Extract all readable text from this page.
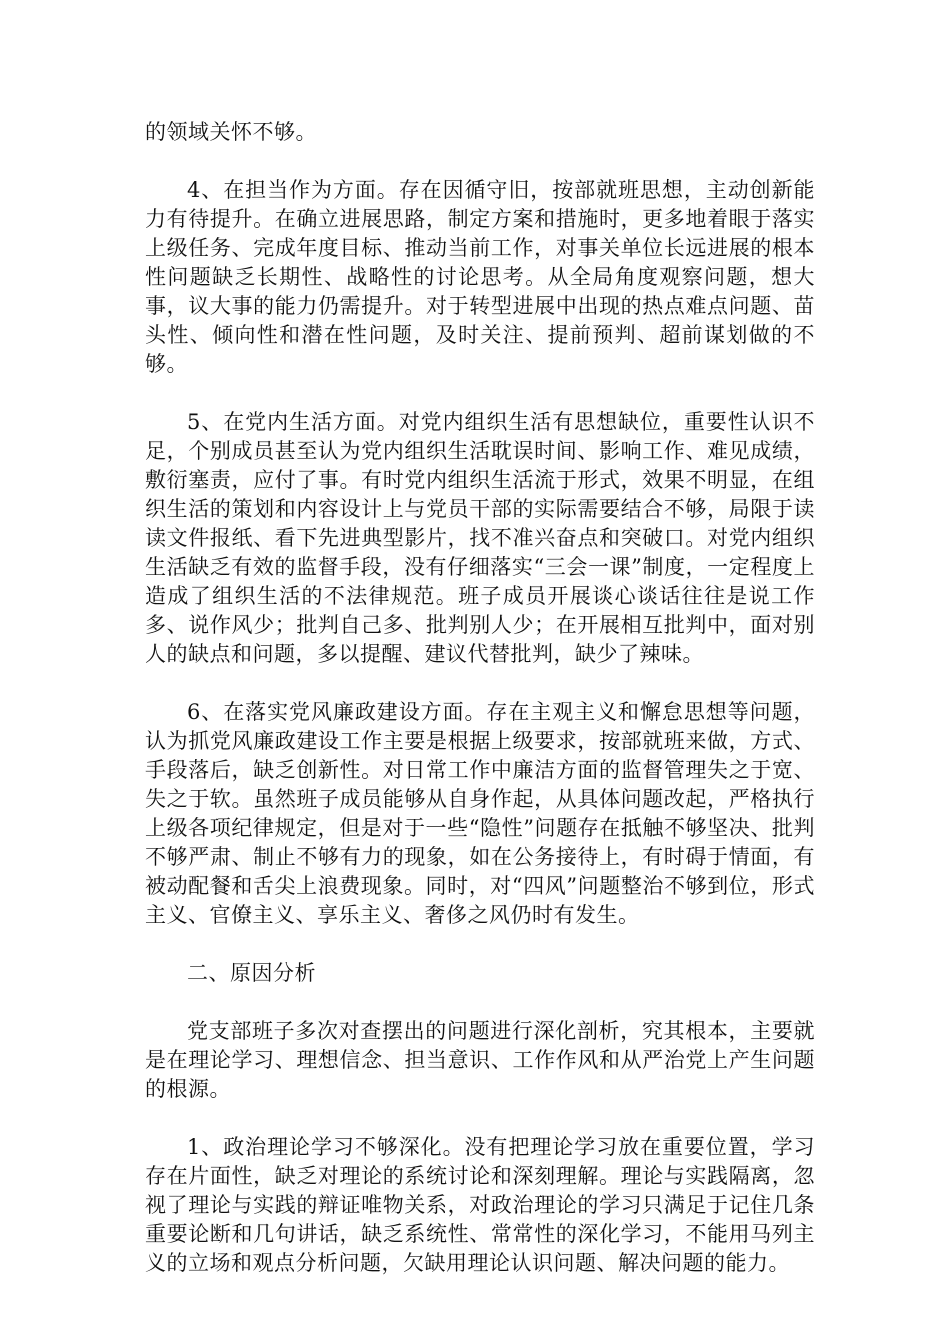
的领域关怀不够。

4、在担当作为方面。存在因循守旧，按部就班思想，主动创新能力有待提升。在确立进展思路，制定方案和措施时，更多地着眼于落实上级任务、完成年度目标、推动当前工作，对事关单位长远进展的根本性问题缺乏长期性、战略性的讨论思考。从全局角度观察问题，想大事，议大事的能力仍需提升。对于转型进展中出现的热点难点问题、苗头性、倾向性和潜在性问题，及时关注、提前预判、超前谋划做的不够。

5、在党内生活方面。对党内组织生活有思想缺位，重要性认识不足，个别成员甚至认为党内组织生活耽误时间、影响工作、难见成绩，敷衍塞责，应付了事。有时党内组织生活流于形式，效果不明显，在组织生活的策划和内容设计上与党员干部的实际需要结合不够，局限于读读文件报纸、看下先进典型影片，找不准兴奋点和突破口。对党内组织生活缺乏有效的监督手段，没有仔细落实“三会一课”制度，一定程度上造成了组织生活的不法律规范。班子成员开展谈心谈话往往是说工作多、说作风少；批判自己多、批判别人少；在开展相互批判中，面对别人的缺点和问题，多以提醒、建议代替批判，缺少了辣味。

6、在落实党风廉政建设方面。存在主观主义和懈怠思想等问题，认为抓党风廉政建设工作主要是根据上级要求，按部就班来做，方式、手段落后，缺乏创新性。对日常工作中廉洁方面的监督管理失之于宽、失之于软。虽然班子成员能够从自身作起，从具体问题改起，严格执行上级各项纪律规定，但是对于一些“隐性”问题存在抵触不够坚决、批判不够严肃、制止不够有力的现象，如在公务接待上，有时碍于情面，有被动配餐和舌尖上浪费现象。同时，对“四风”问题整治不够到位，形式主义、官僚主义、享乐主义、奢侈之风仍时有发生。

二、原因分析

党支部班子多次对查摆出的问题进行深化剖析，究其根本，主要就是在理论学习、理想信念、担当意识、工作作风和从严治党上产生问题的根源。

1、政治理论学习不够深化。没有把理论学习放在重要位置，学习存在片面性，缺乏对理论的系统讨论和深刻理解。理论与实践隔离，忽视了理论与实践的辩证唯物关系，对政治理论的学习只满足于记住几条重要论断和几句讲话，缺乏系统性、常常性的深化学习，不能用马列主义的立场和观点分析问题，欠缺用理论认识问题、解决问题的能力。
